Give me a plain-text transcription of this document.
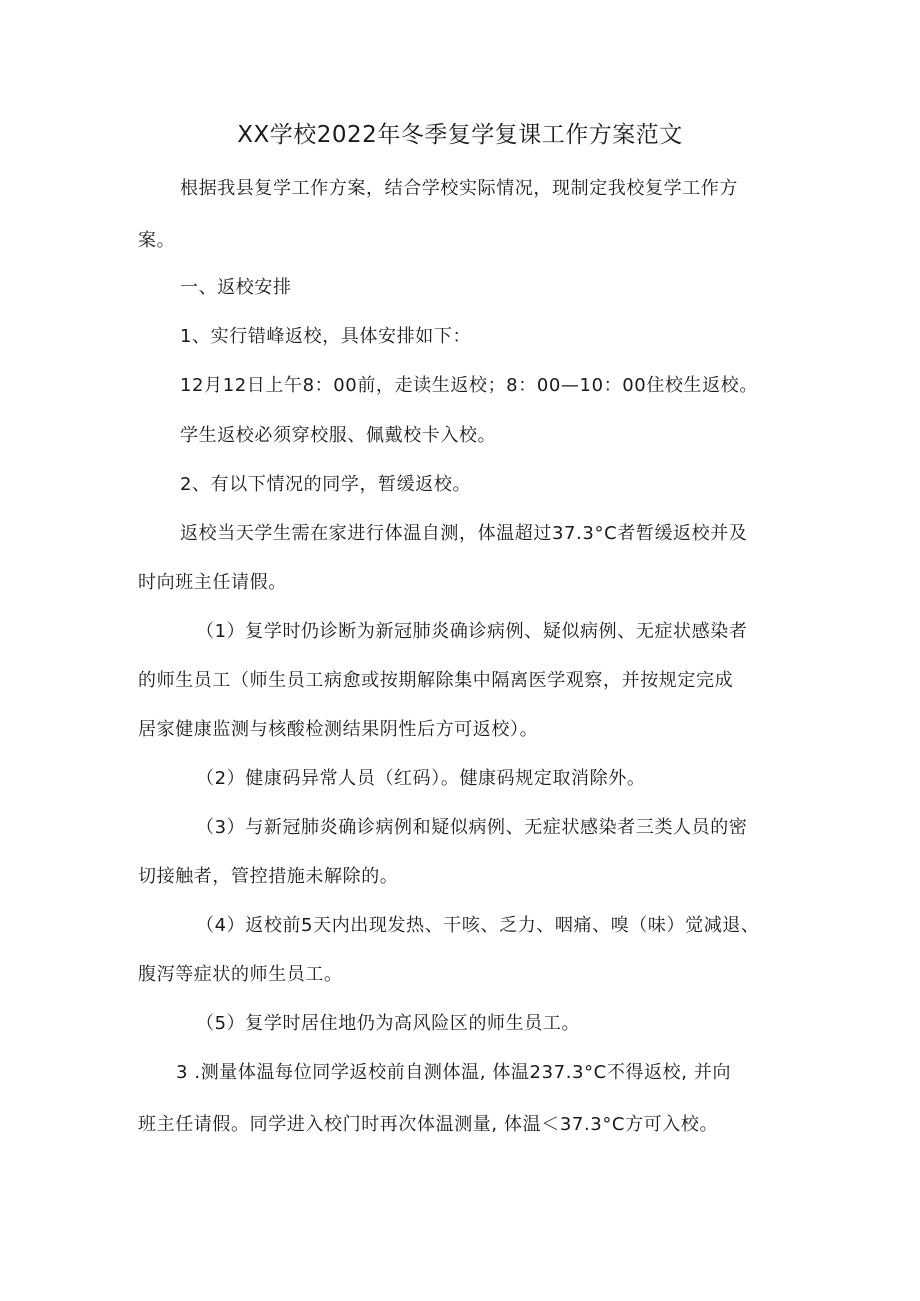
XX学校2022年冬季复学复课工作方案范文
根据我县复学工作方案，结合学校实际情况，现制定我校复学工作方
案。
一、返校安排
1、实行错峰返校，具体安排如下：
12月12日上午8：00前，走读生返校；8：00—10：00住校生返校。
学生返校必须穿校服、佩戴校卡入校。
2、有以下情况的同学，暂缓返校。
返校当天学生需在家进行体温自测，体温超过37.3°C者暂缓返校并及
时向班主任请假。
（1）复学时仍诊断为新冠肺炎确诊病例、疑似病例、无症状感染者
的师生员工（师生员工病愈或按期解除集中隔离医学观察，并按规定完成
居家健康监测与核酸检测结果阴性后方可返校）。
（2）健康码异常人员（红码）。健康码规定取消除外。
（3）与新冠肺炎确诊病例和疑似病例、无症状感染者三类人员的密
切接触者，管控措施未解除的。
（4）返校前5天内出现发热、干咳、乏力、咽痛、嗅（味）觉减退、
腹泻等症状的师生员工。
（5）复学时居住地仍为高风险区的师生员工。
3 .测量体温每位同学返校前自测体温, 体温237.3°C不得返校, 并向
班主任请假。同学进入校门时再次体温测量, 体温＜37.3°C方可入校。
